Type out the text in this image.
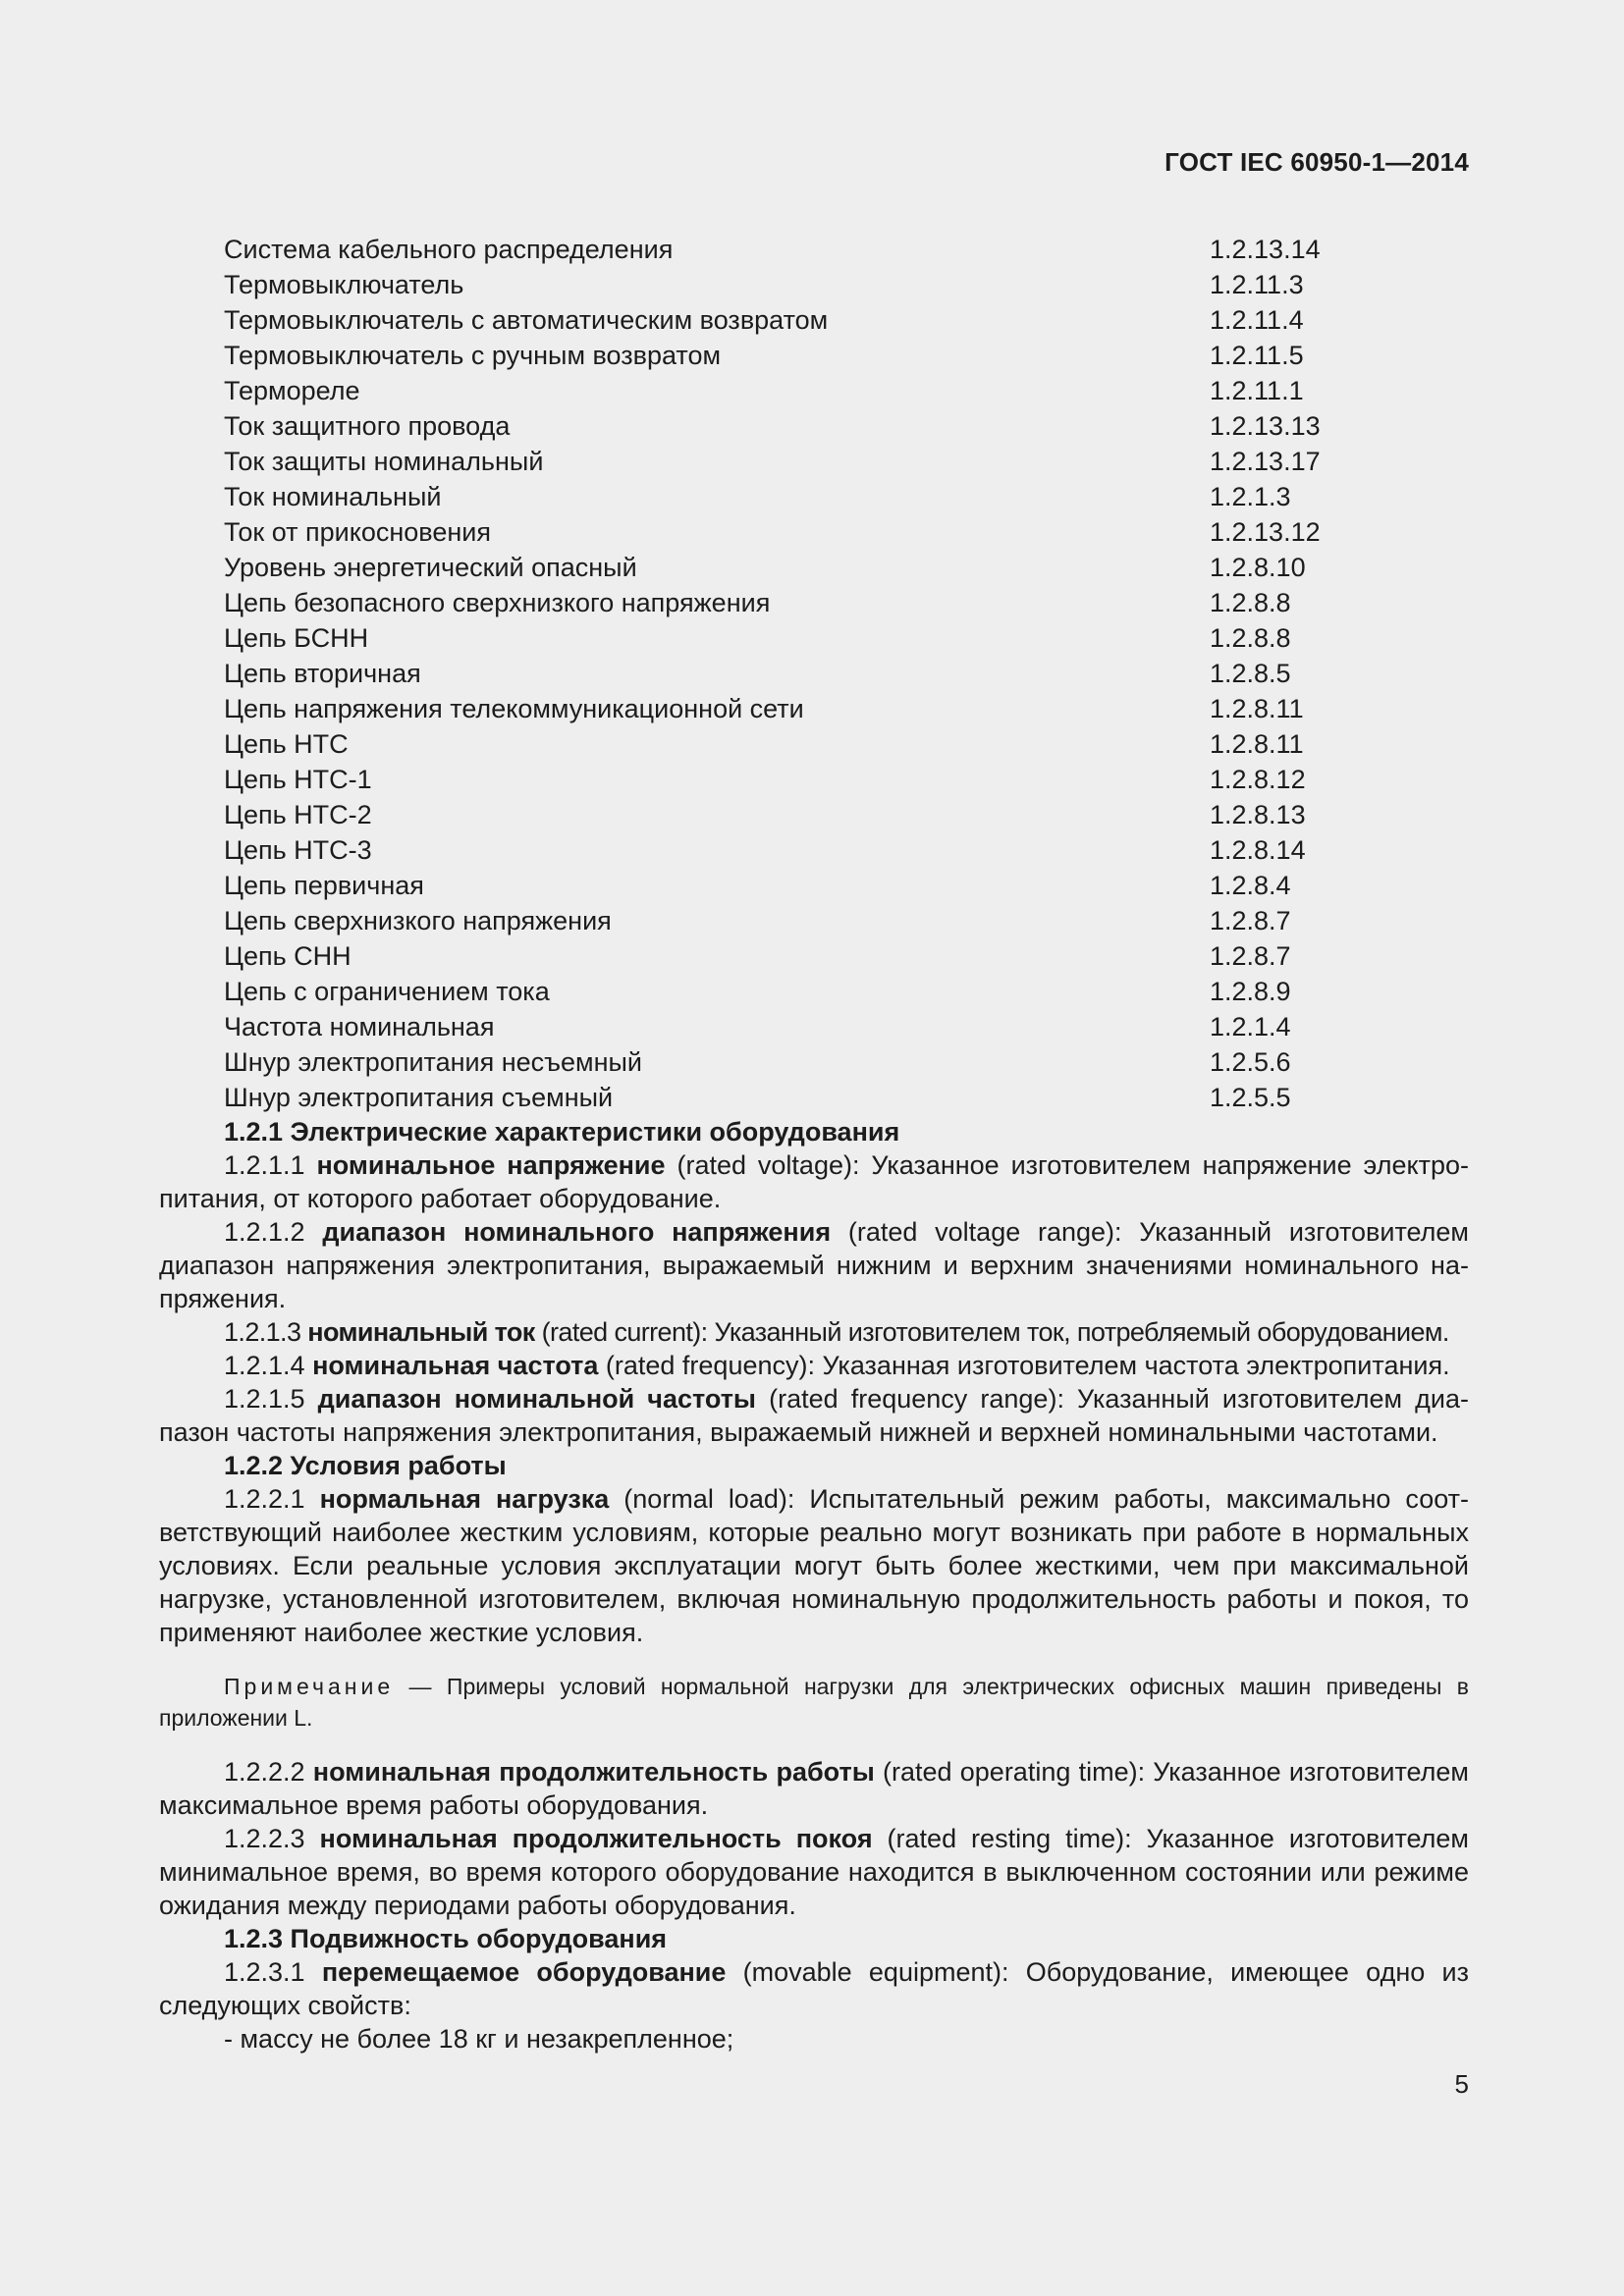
ГОСТ IEC 60950-1—2014
Система кабельного распределения	1.2.13.14
Термовыключатель	1.2.11.3
Термовыключатель с автоматическим возвратом	1.2.11.4
Термовыключатель с ручным возвратом	1.2.11.5
Термореле	1.2.11.1
Ток защитного провода	1.2.13.13
Ток защиты номинальный	1.2.13.17
Ток номинальный	1.2.1.3
Ток от прикосновения	1.2.13.12
Уровень энергетический опасный	1.2.8.10
Цепь безопасного сверхнизкого напряжения	1.2.8.8
Цепь БСНН	1.2.8.8
Цепь вторичная	1.2.8.5
Цепь напряжения телекоммуникационной сети	1.2.8.11
Цепь НТС	1.2.8.11
Цепь НТС-1	1.2.8.12
Цепь НТС-2	1.2.8.13
Цепь НТС-3	1.2.8.14
Цепь первичная	1.2.8.4
Цепь сверхнизкого напряжения	1.2.8.7
Цепь СНН	1.2.8.7
Цепь с ограничением тока	1.2.8.9
Частота номинальная	1.2.1.4
Шнур электропитания несъемный	1.2.5.6
Шнур электропитания съемный	1.2.5.5

1.2.1 Электрические характеристики оборудования

1.2.1.1 номинальное напряжение (rated voltage): Указанное изготовителем напряжение электропитания, от которого работает оборудование.

1.2.1.2 диапазон номинального напряжения (rated voltage range): Указанный изготовителем диапазон напряжения электропитания, выражаемый нижним и верхним значениями номинального напряжения.

1.2.1.3 номинальный ток (rated current): Указанный изготовителем ток, потребляемый оборудованием.

1.2.1.4 номинальная частота (rated frequency): Указанная изготовителем частота электропитания.

1.2.1.5 диапазон номинальной частоты (rated frequency range): Указанный изготовителем диапазон частоты напряжения электропитания, выражаемый нижней и верхней номинальными частотами.

1.2.2 Условия работы

1.2.2.1 нормальная нагрузка (normal load): Испытательный режим работы, максимально соответствующий наиболее жестким условиям, которые реально могут возникать при работе в нормальных условиях. Если реальные условия эксплуатации могут быть более жесткими, чем при максимальной нагрузке, установленной изготовителем, включая номинальную продолжительность работы и покоя, то применяют наиболее жесткие условия.

Примечание — Примеры условий нормальной нагрузки для электрических офисных машин приведены в приложении L.

1.2.2.2 номинальная продолжительность работы (rated operating time): Указанное изготовителем максимальное время работы оборудования.

1.2.2.3 номинальная продолжительность покоя (rated resting time): Указанное изготовителем минимальное время, во время которого оборудование находится в выключенном состоянии или режиме ожидания между периодами работы оборудования.

1.2.3 Подвижность оборудования

1.2.3.1 перемещаемое оборудование (movable equipment): Оборудование, имеющее одно из следующих свойств:

- массу не более 18 кг и незакрепленное;

5
